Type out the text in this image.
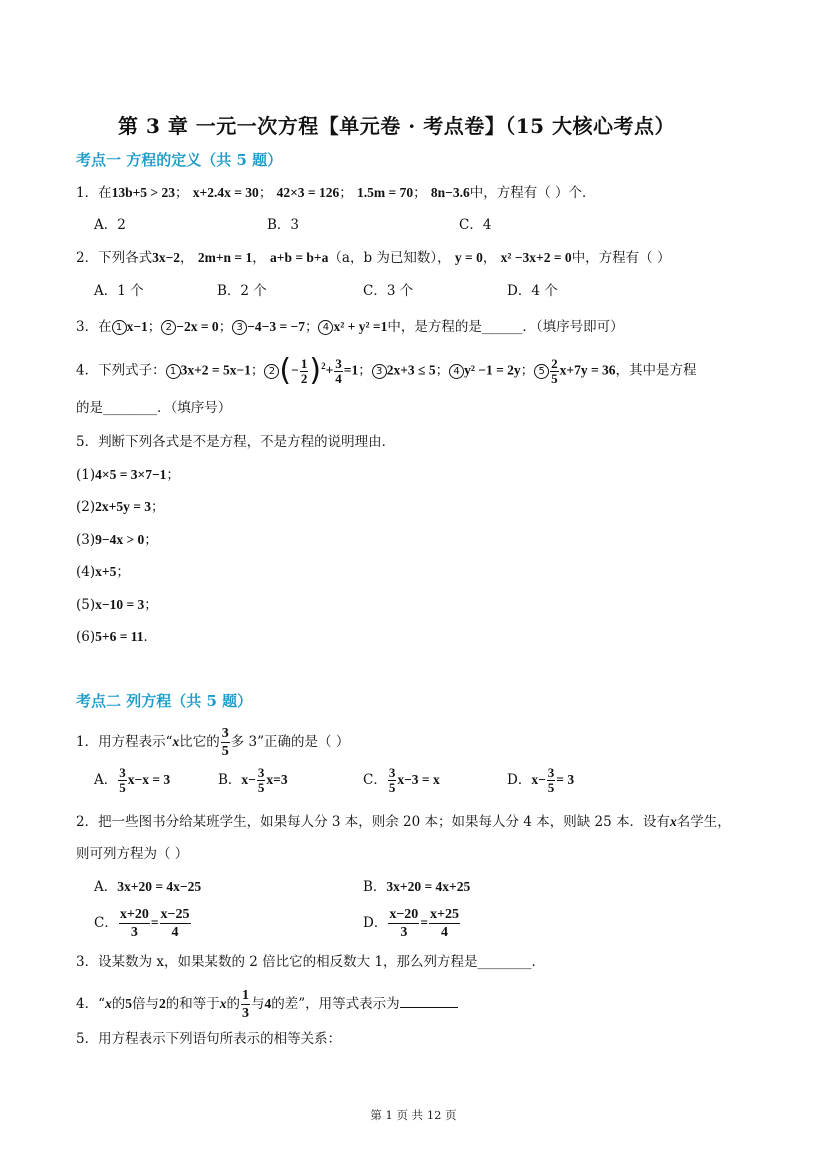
第 3 章 一元一次方程【单元卷 · 考点卷】（15 大核心考点）
考点一 方程的定义（共 5 题）
1．在13b+5 > 23； x+2.4x = 30； 42×3 = 126； 1.5m = 70； 8n−3.6中，方程有（ ）个．
A．2	B．3	C．4
2．下列各式3x−2， 2m+n = 1， a+b = b+a（a，b 为已知数）， y = 0， x² −3x+2 = 0中，方程有（ ）
A．1 个	B．2 个	C．3 个	D．4 个
3．在 1 x−1； 2 −2x = 0； 3 −4−3 = −7； 4 x² + y² =1中，是方程的是______．（填序号即可）
4．下列式子： 1 3x+2 = 5x−1； 2 (− $\frac{1}{2} )^2+ \frac{3}{4} =1$； 3 2x+3 ≤ 5； 4 y² −1 = 2y； $5 \frac{2}{5} x+7y = 36$，其中是方程
的是________．（填序号）
5．判断下列各式是不是方程，不是方程的说明理由．
(1)4×5 = 3×7−1；
(2)2x+5y = 3；
(3)9−4x > 0；
(4)x+5；
(5)x−10 = 3；
(6)5+6 = 11．
考点二 列方程（共 5 题）
1．用方程表示“x比它的 $\frac{3}{5}$ 多 3”正确的是（ ）
A． $\frac{3}{5} x-x = 3$	B．$x- \frac{3}{5} x=3$	C． $\frac{3}{5} x-3 = x$	D．$x- \frac{3}{5} = 3$
2．把一些图书分给某班学生，如果每人分 3 本，则余 20 本；如果每人分 4 本，则缺 25 本．设有x名学生，
则可列方程为（ ）
A．3x+20 = 4x−25	B．3x+20 = 4x+25
C． $\frac{x+20}{3} = \frac{x-25}{4}$	D． $\frac{x-20}{3} = \frac{x+25}{4}$
3．设某数为 x，如果某数的 2 倍比它的相反数大 1，那么列方程是________．
4．“x的5倍与2的和等于x的 $\frac{1}{3}$ 与4的差”，用等式表示为
5．用方程表示下列语句所表示的相等关系：
第 1 页 共 12 页
